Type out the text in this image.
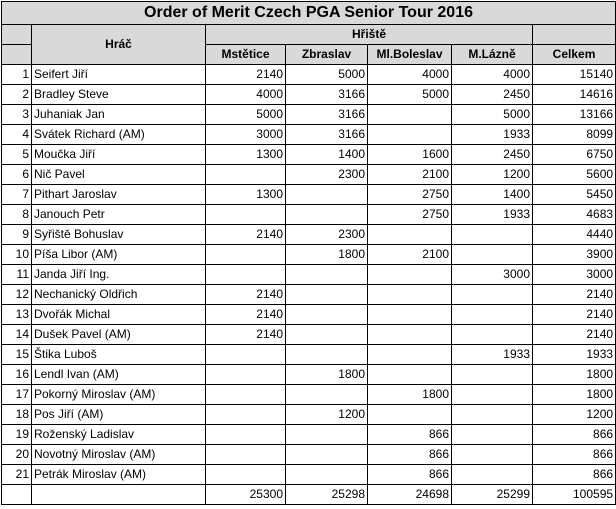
Order of Merit Czech PGA Senior Tour 2016						
	Hráč	Hřiště				
		Mstětice	Zbraslav	Ml.Boleslav	M.Lázně	Celkem
1	Seifert Jiří	2140	5000	4000	4000	15140
2	Bradley Steve	4000	3166	5000	2450	14616
3	Juhaniak Jan	5000	3166		5000	13166
4	Svátek Richard (AM)	3000	3166		1933	8099
5	Moučka Jiří	1300	1400	1600	2450	6750
6	Nič Pavel		2300	2100	1200	5600
7	Pithart Jaroslav	1300		2750	1400	5450
8	Janouch Petr			2750	1933	4683
9	Syřiště Bohuslav	2140	2300			4440
10	Píša Libor (AM)		1800	2100		3900
11	Janda Jiří Ing.				3000	3000
12	Nechanický Oldřich	2140				2140
13	Dvořák Michal	2140				2140
14	Dušek Pavel (AM)	2140				2140
15	Štika Luboš				1933	1933
16	Lendl Ivan (AM)		1800			1800
17	Pokorný Miroslav (AM)			1800		1800
18	Pos Jiří (AM)		1200			1200
19	Roženský Ladislav			866		866
20	Novotný Miroslav (AM)			866		866
21	Petrák Miroslav (AM)			866		866
		25300	25298	24698	25299	100595
